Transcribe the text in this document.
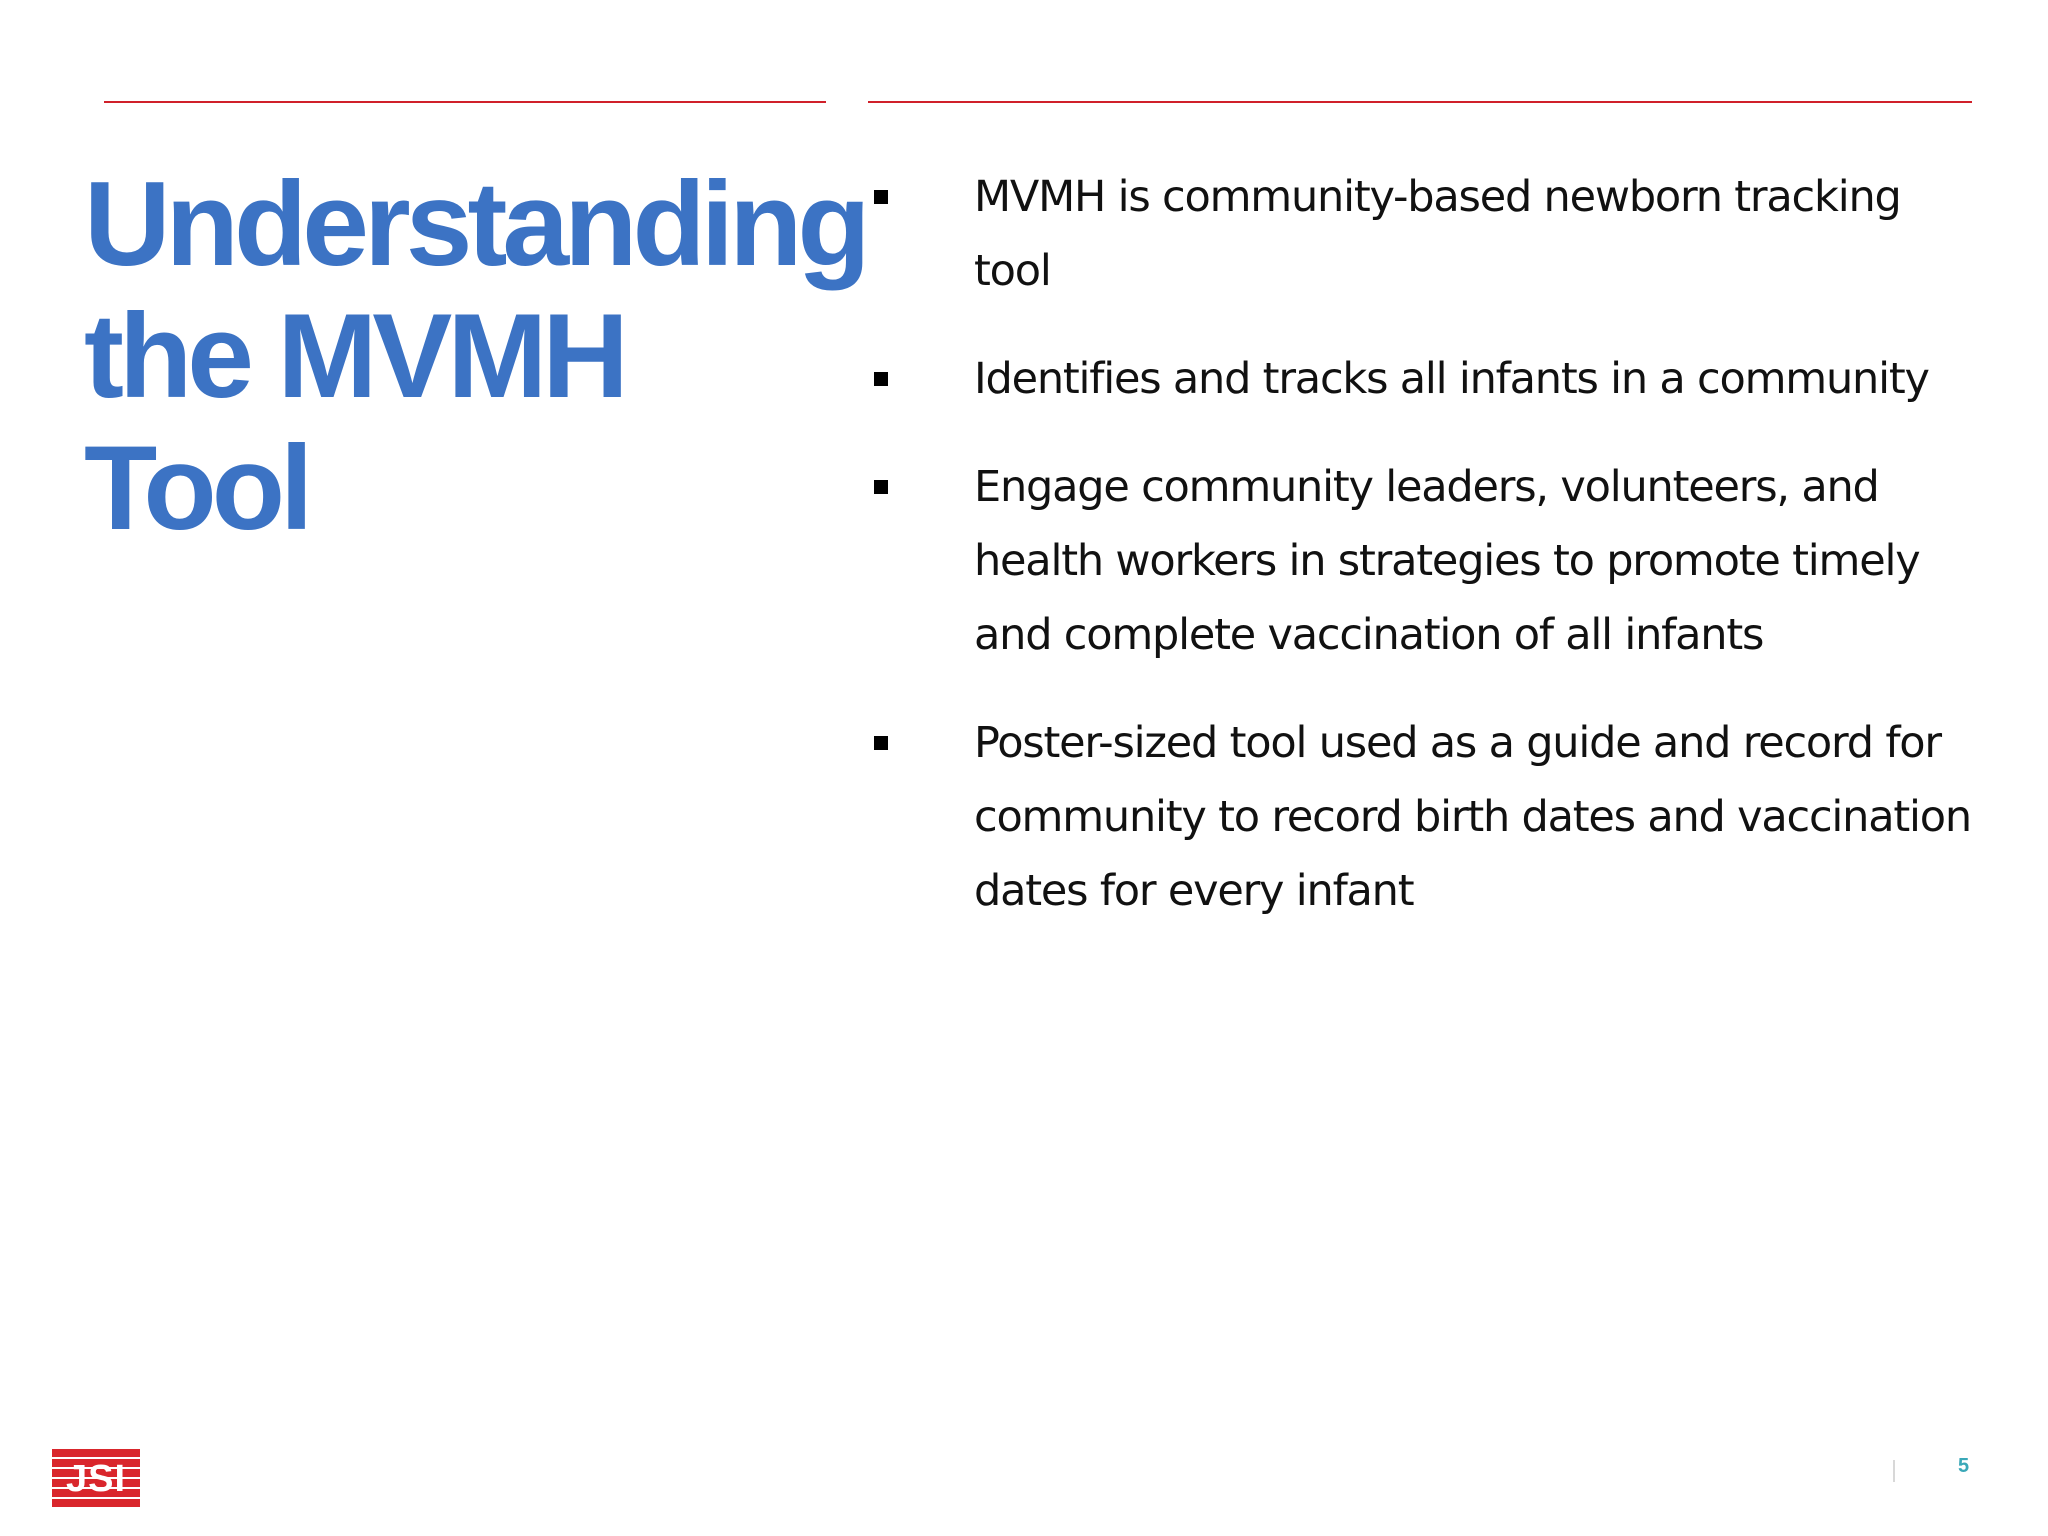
Understanding
the MVMH
Tool
MVMH is community-based newborn tracking tool
Identifies and tracks all infants in a community
Engage community leaders, volunteers, and health workers in strategies to promote timely and complete vaccination of all infants
Poster-sized tool used as a guide and record for community to record birth dates and vaccination dates for every infant
JSI	5
